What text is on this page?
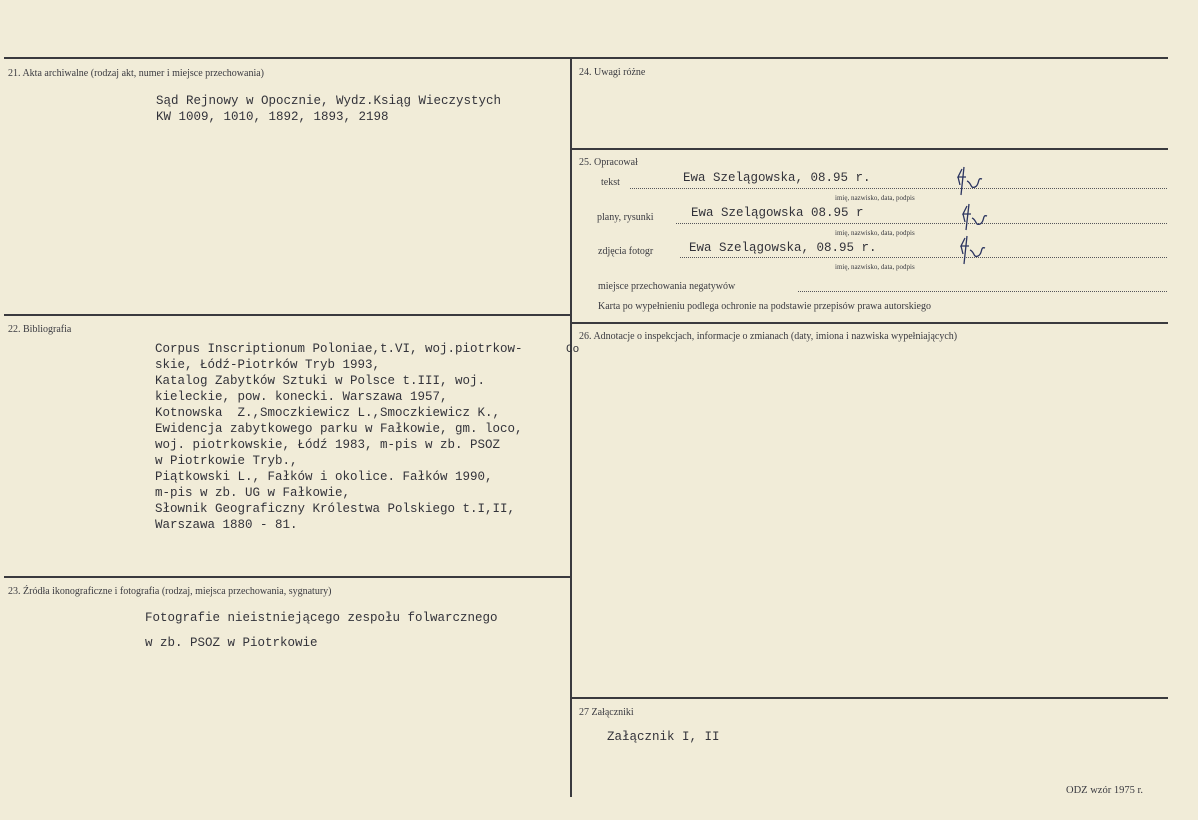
21. Akta archiwalne (rodzaj akt, numer i miejsce przechowania)
Sąd Rejnowy w Opocznie, Wydz.Ksiąg Wieczystych
KW 1009, 1010, 1892, 1893, 2198
22. Bibliografia
Corpus Inscriptionum Poloniae,t.VI, woj.piotrkow-
skie, Łódź-Piotrków Tryb 1993,
Katalog Zabytków Sztuki w Polsce t.III, woj.
kieleckie, pow. konecki. Warszawa 1957,
Kotnowska  Z.,Smoczkiewicz L.,Smoczkiewicz K.,
Ewidencja zabytkowego parku w Fałkowie, gm. loco,
woj. piotrkowskie, Łódź 1983, m-pis w zb. PSOZ
w Piotrkowie Tryb.,
Piątkowski L., Fałków i okolice. Fałków 1990,
m-pis w zb. UG w Fałkowie,
Słownik Geograficzny Królestwa Polskiego t.I,II,
Warszawa 1880 - 81.
Co
23. Źródła ikonograficzne i fotografia (rodzaj, miejsca przechowania, sygnatury)
Fotografie nieistniejącego zespołu folwarcznego
w zb. PSOZ w Piotrkowie
24. Uwagi różne
25. Opracował
tekst	Ewa Szelągowska, 08.95 r.
imię, nazwisko, data, podpis
plany, rysunki	Ewa Szelągowska 08.95 r
imię, nazwisko, data, podpis
zdjęcia fotogr	Ewa Szelągowska, 08.95 r.
imię, nazwisko, data, podpis
miejsce przechowania negatywów
Karta po wypełnieniu podlega ochronie na podstawie przepisów prawa autorskiego
26. Adnotacje o inspekcjach, informacje o zmianach (daty, imiona i nazwiska wypełniających)
27 Załączniki
Załącznik I, II
ODZ wzór 1975 r.
